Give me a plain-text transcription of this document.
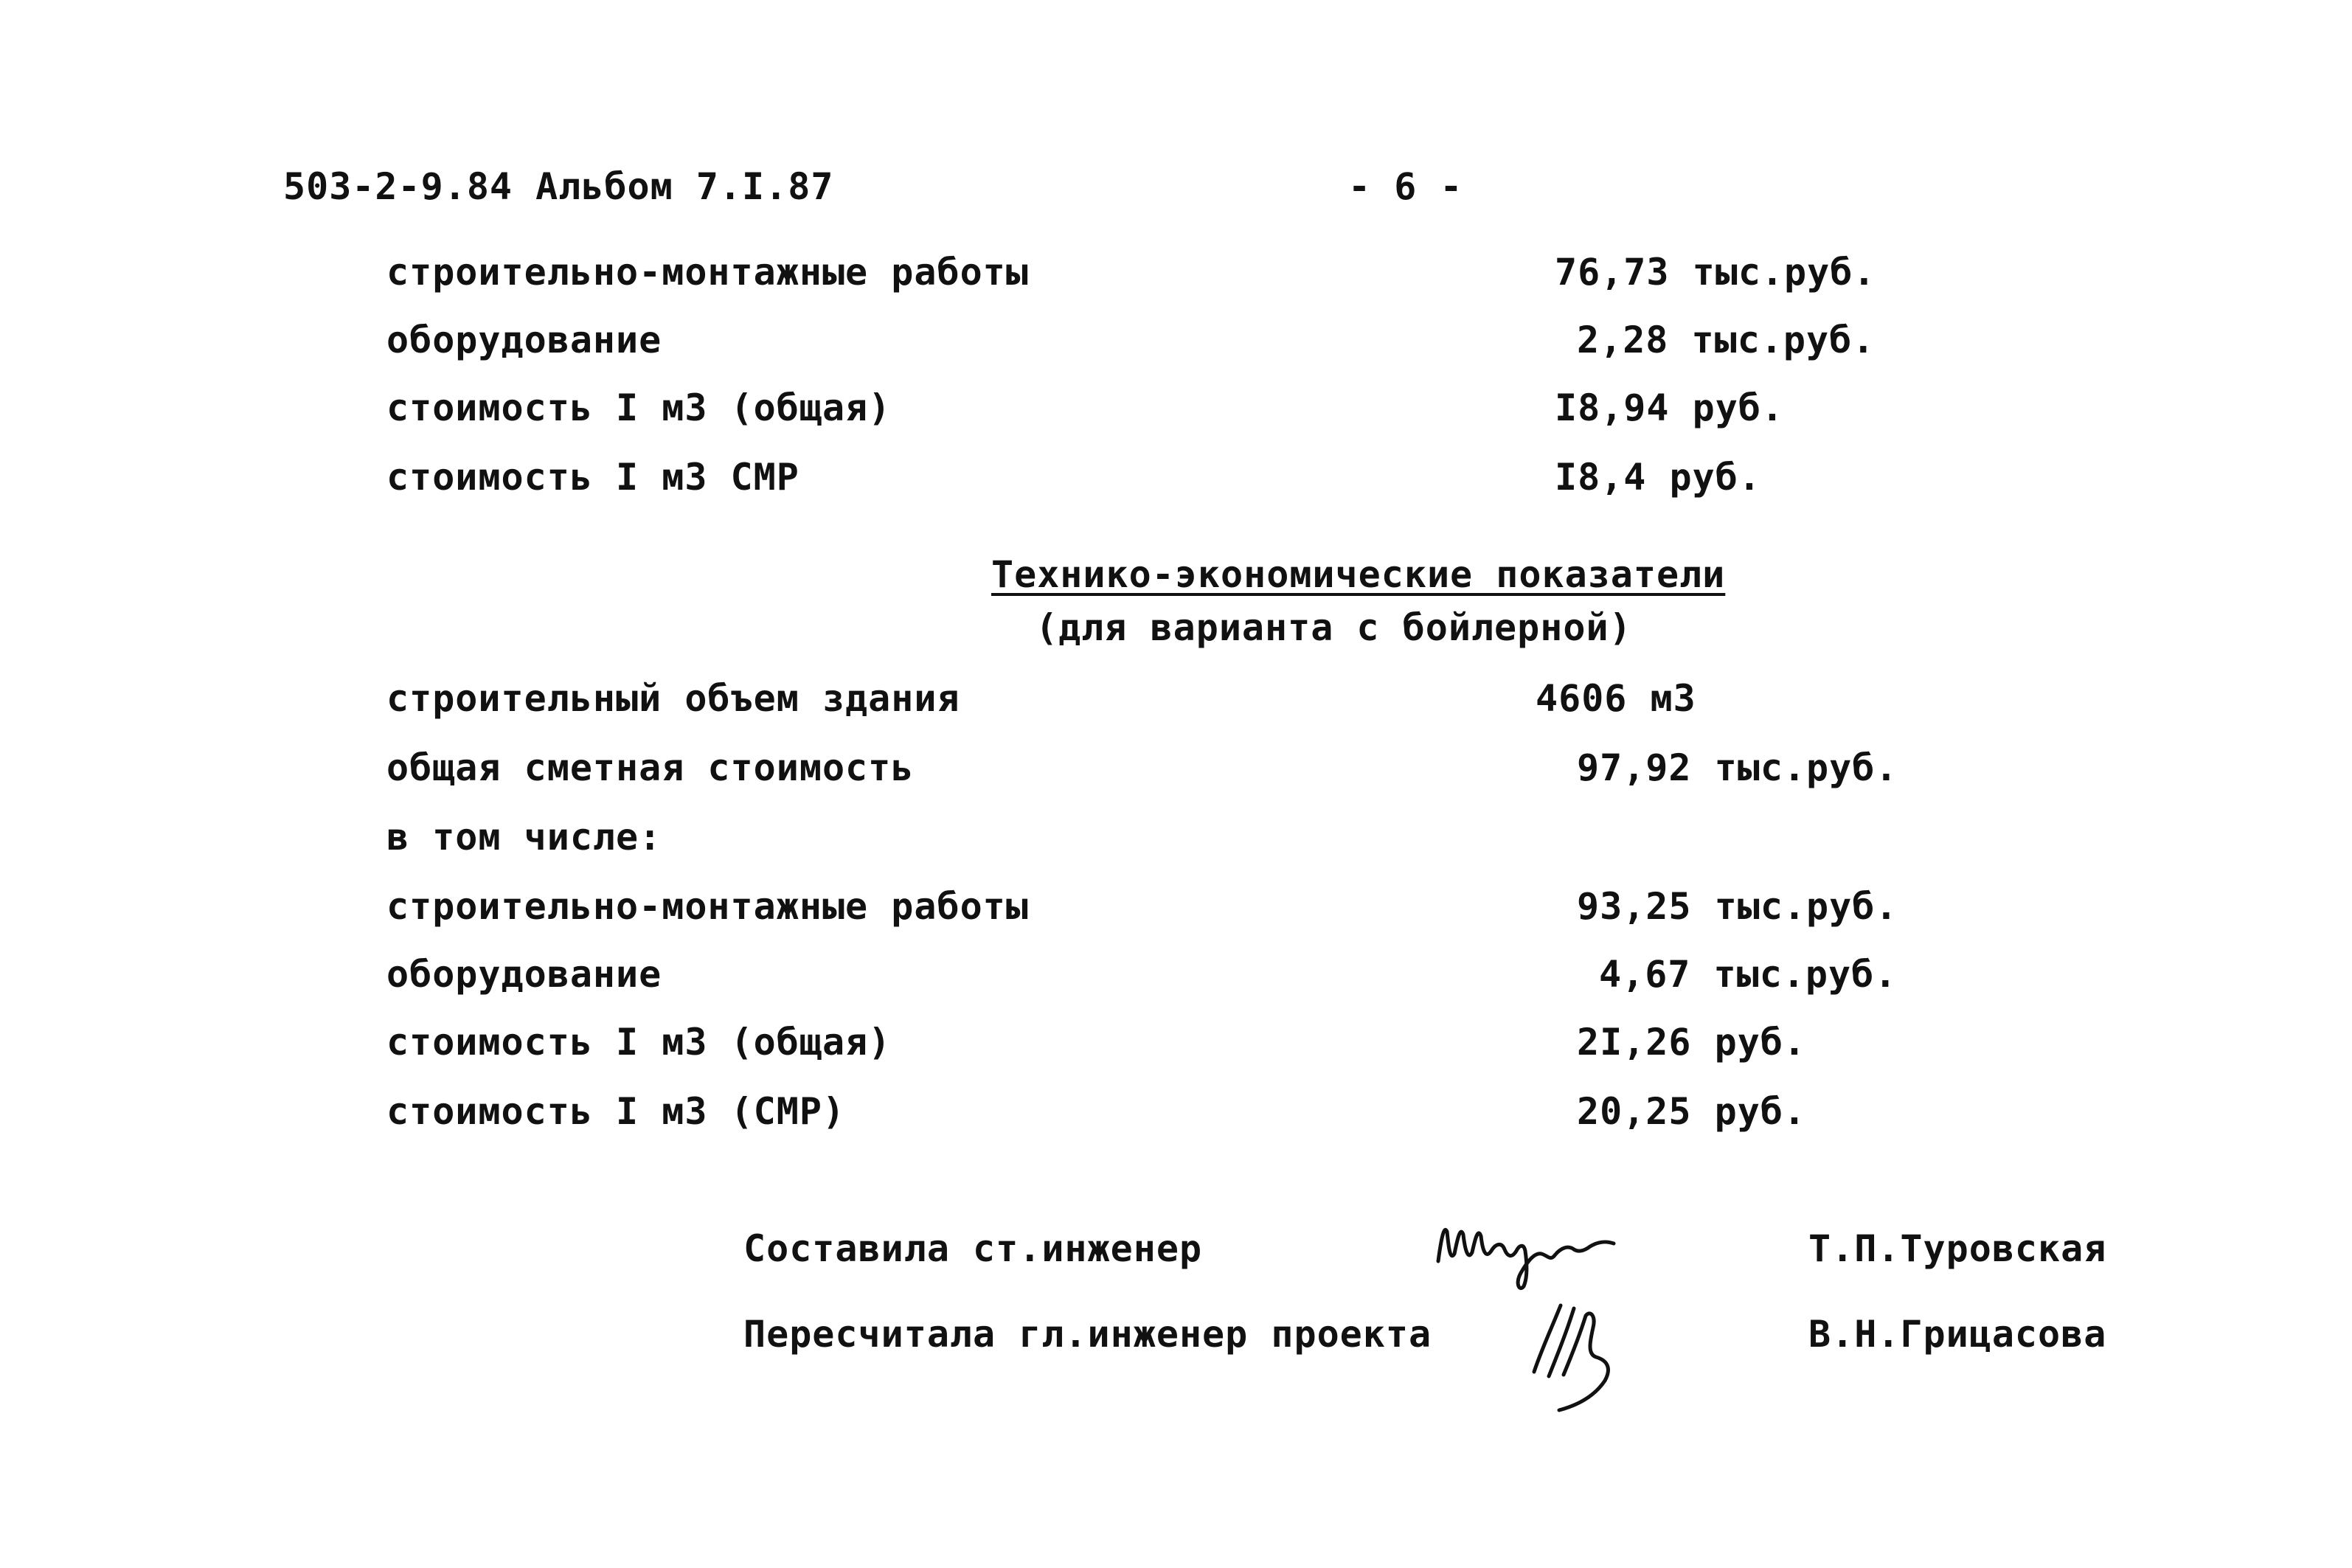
503-2-9.84 Альбом 7.I.87	- 6 -
строительно-монтажные работы	76,73 тыс.руб.
оборудование	2,28 тыс.руб.
стоимость I м3 (общая)	I8,94 руб.
стоимость I м3 СМР	I8,4 руб.
Технико-экономические показатели
(для варианта с бойлерной)
строительный объем здания	4606 м3
общая сметная стоимость	97,92 тыс.руб.
в том числе:
строительно-монтажные работы	93,25 тыс.руб.
оборудование	4,67 тыс.руб.
стоимость I м3 (общая)	2I,26 руб.
стоимость I м3 (СМР)	20,25 руб.
Составила ст.инженер	Т.П.Туровская
Пересчитала гл.инженер проекта	В.Н.Грицасова
